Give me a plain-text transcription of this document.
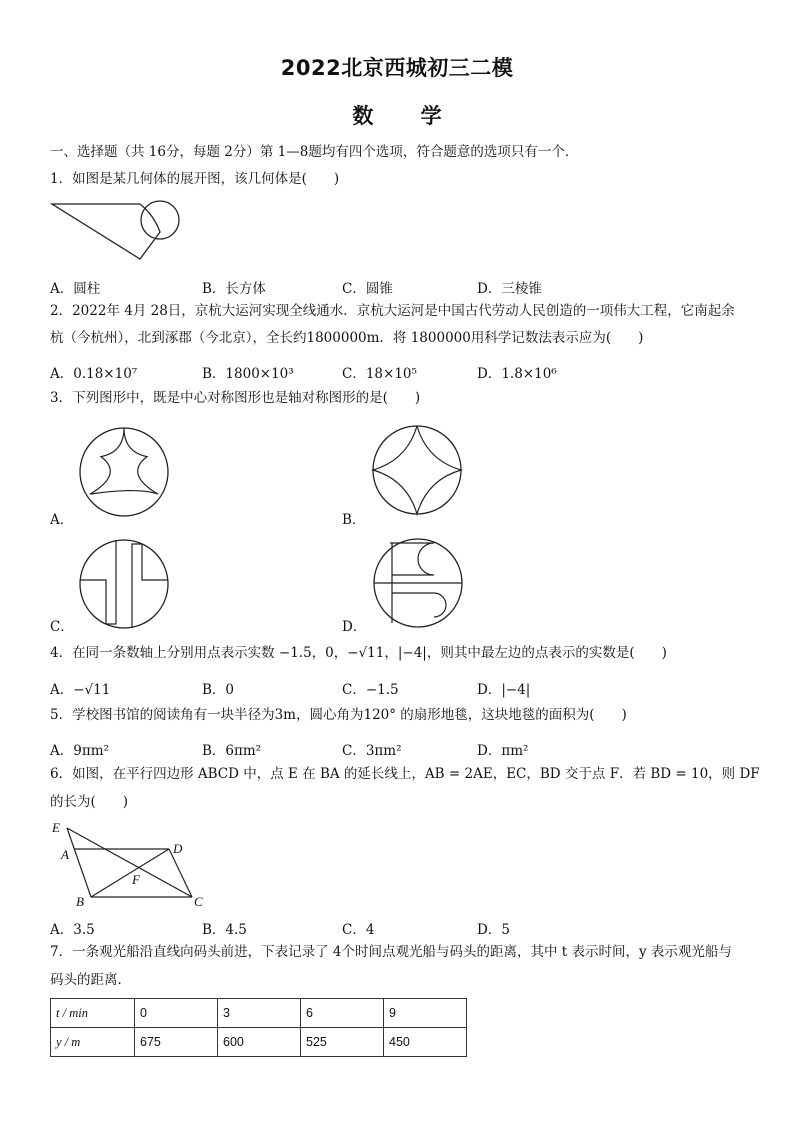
2022北京西城初三二模
数 学
一、选择题（共 16分，每题 2分）第 1—8题均有四个选项，符合题意的选项只有一个．
1．如图是某几何体的展开图，该几何体是(　　)
A．圆柱	B．长方体	C．圆锥	D．三棱锥
2．2022年 4月 28日，京杭大运河实现全线通水．京杭大运河是中国古代劳动人民创造的一项伟大工程，它南起余
杭（今杭州），北到涿郡（今北京），全长约1800000m．将 1800000用科学记数法表示应为(　　)
A．0.18×10⁷	B．1800×10³	C．18×10⁵	D．1.8×10⁶
3．下列图形中，既是中心对称图形也是轴对称图形的是(　　)
A．	B．
C．	D．
4．在同一条数轴上分别用点表示实数 −1.5，0，−√11，|−4|，则其中最左边的点表示的实数是(　　)
A．−√11	B．0	C．−1.5	D．|−4|
5．学校图书馆的阅读角有一块半径为3m，圆心角为120° 的扇形地毯，这块地毯的面积为(　　)
A．9πm²	B．6πm²	C．3πm²	D．πm²
6．如图，在平行四边形 ABCD 中，点 E 在 BA 的延长线上，AB = 2AE，EC，BD 交于点 F．若 BD = 10，则 DF
的长为(　　)
E
A	D
F
B	C
A．3.5	B．4.5	C．4	D．5
7．一条观光船沿直线向码头前进，下表记录了 4个时间点观光船与码头的距离，其中 t 表示时间，y 表示观光船与
码头的距离．
t / min	0	3	6	9
y / m	675	600	525	450
